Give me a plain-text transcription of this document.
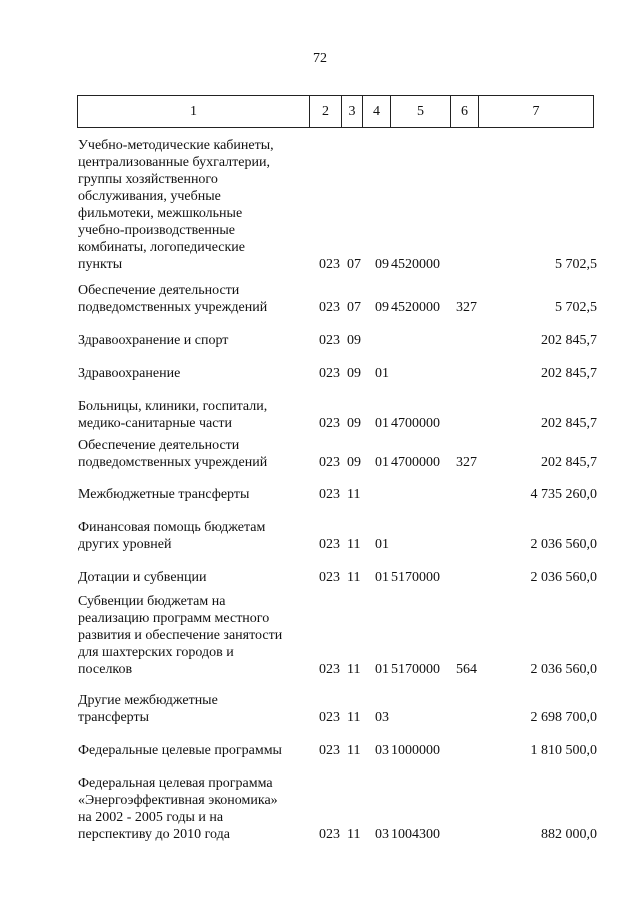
72
1	2 3 4	5	6	7
Учебно-методические кабинеты,
централизованные бухгалтерии,
группы хозяйственного
обслуживания, учебные
фильмотеки, межшкольные
учебно-производственные
комбинаты, логопедические
пункты	023 07 09 4520000	5 702,5
Обеспечение деятельности
подведомственных учреждений	023 07 09 4520000 327	5 702,5
Здравоохранение и спорт	023 09	202 845,7
Здравоохранение	023 09 01	202 845,7
Больницы, клиники, госпитали,
медико-санитарные части	023 09 01 4700000	202 845,7
Обеспечение деятельности
подведомственных учреждений	023 09 01 4700000 327	202 845,7
Межбюджетные трансферты	023 11	4 735 260,0
Финансовая помощь бюджетам
других уровней	023 11 01	2 036 560,0
Дотации и субвенции	023 11 01 5170000	2 036 560,0
Субвенции бюджетам на
реализацию программ местного
развития и обеспечение занятости
для шахтерских городов и
поселков	023 11 01 5170000 564	2 036 560,0
Другие межбюджетные
трансферты	023 11 03	2 698 700,0
Федеральные целевые программы	023 11 03 1000000	1 810 500,0
Федеральная целевая программа
«Энергоэффективная экономика»
на 2002 - 2005 годы и на
перспективу до 2010 года	023 11 03 1004300	882 000,0
